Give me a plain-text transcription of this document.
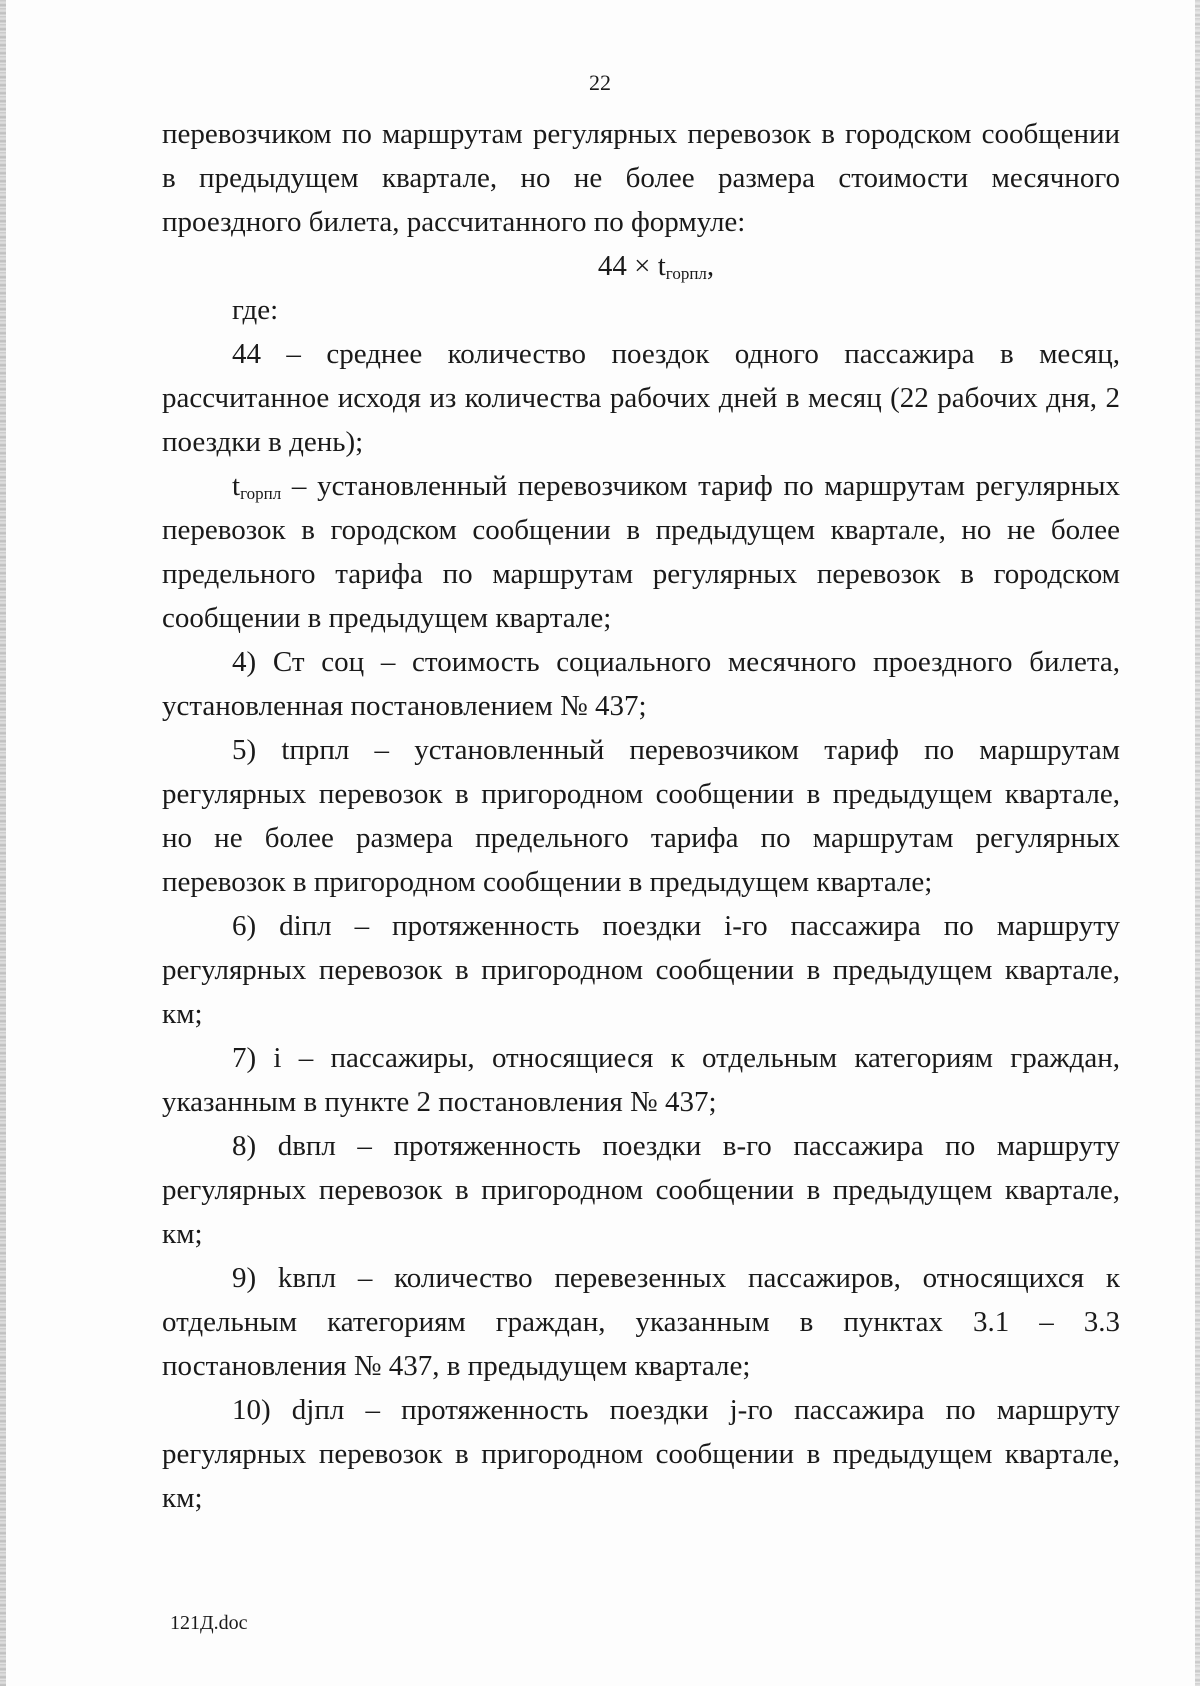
22

перевозчиком по маршрутам регулярных перевозок в городском сообщении в предыдущем квартале, но не более размера стоимости месячного проездного билета, рассчитанного по формуле:

$44 \times t_{горпл}$,

где:

44 – среднее количество поездок одного пассажира в месяц, рассчитанное исходя из количества рабочих дней в месяц (22 рабочих дня, 2 поездки в день);

$t_{горпл}$ – установленный перевозчиком тариф по маршрутам регулярных перевозок в городском сообщении в предыдущем квартале, но не более предельного тарифа по маршрутам регулярных перевозок в городском сообщении в предыдущем квартале;

4) Ст соц – стоимость социального месячного проездного билета, установленная постановлением № 437;

5) tпрпл – установленный перевозчиком тариф по маршрутам регулярных перевозок в пригородном сообщении в предыдущем квартале, но не более размера предельного тарифа по маршрутам регулярных перевозок в пригородном сообщении в предыдущем квартале;

6) diпл – протяженность поездки i-го пассажира по маршруту регулярных перевозок в пригородном сообщении в предыдущем квартале, км;

7) i – пассажиры, относящиеся к отдельным категориям граждан, указанным в пункте 2 постановления № 437;

8) dвпл – протяженность поездки в-го пассажира по маршруту регулярных перевозок в пригородном сообщении в предыдущем квартале, км;

9) kвпл – количество перевезенных пассажиров, относящихся к отдельным категориям граждан, указанным в пунктах 3.1 – 3.3 постановления № 437, в предыдущем квартале;

10) djпл – протяженность поездки j-го пассажира по маршруту регулярных перевозок в пригородном сообщении в предыдущем квартале, км;

121Д.doc
